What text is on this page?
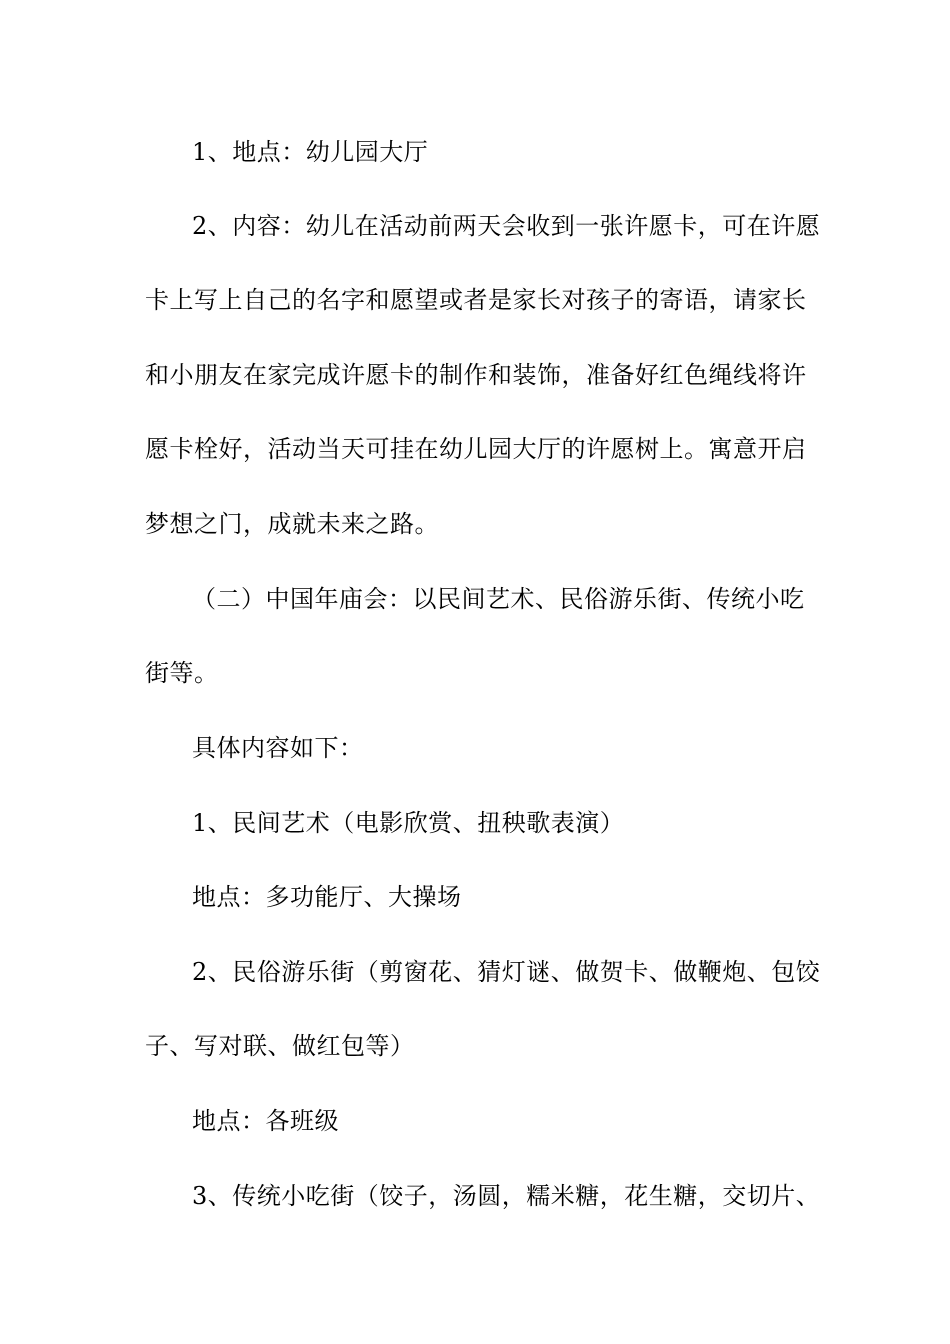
1、地点：幼儿园大厅
2、内容：幼儿在活动前两天会收到一张许愿卡，可在许愿
卡上写上自己的名字和愿望或者是家长对孩子的寄语，请家长
和小朋友在家完成许愿卡的制作和装饰，准备好红色绳线将许
愿卡栓好，活动当天可挂在幼儿园大厅的许愿树上。寓意开启
梦想之门，成就未来之路。
（二）中国年庙会：以民间艺术、民俗游乐街、传统小吃
街等。
具体内容如下：
1、民间艺术（电影欣赏、扭秧歌表演）
地点：多功能厅、大操场
2、民俗游乐街（剪窗花、猜灯谜、做贺卡、做鞭炮、包饺
子、写对联、做红包等）
地点：各班级
3、传统小吃街（饺子，汤圆，糯米糖，花生糖，交切片、
